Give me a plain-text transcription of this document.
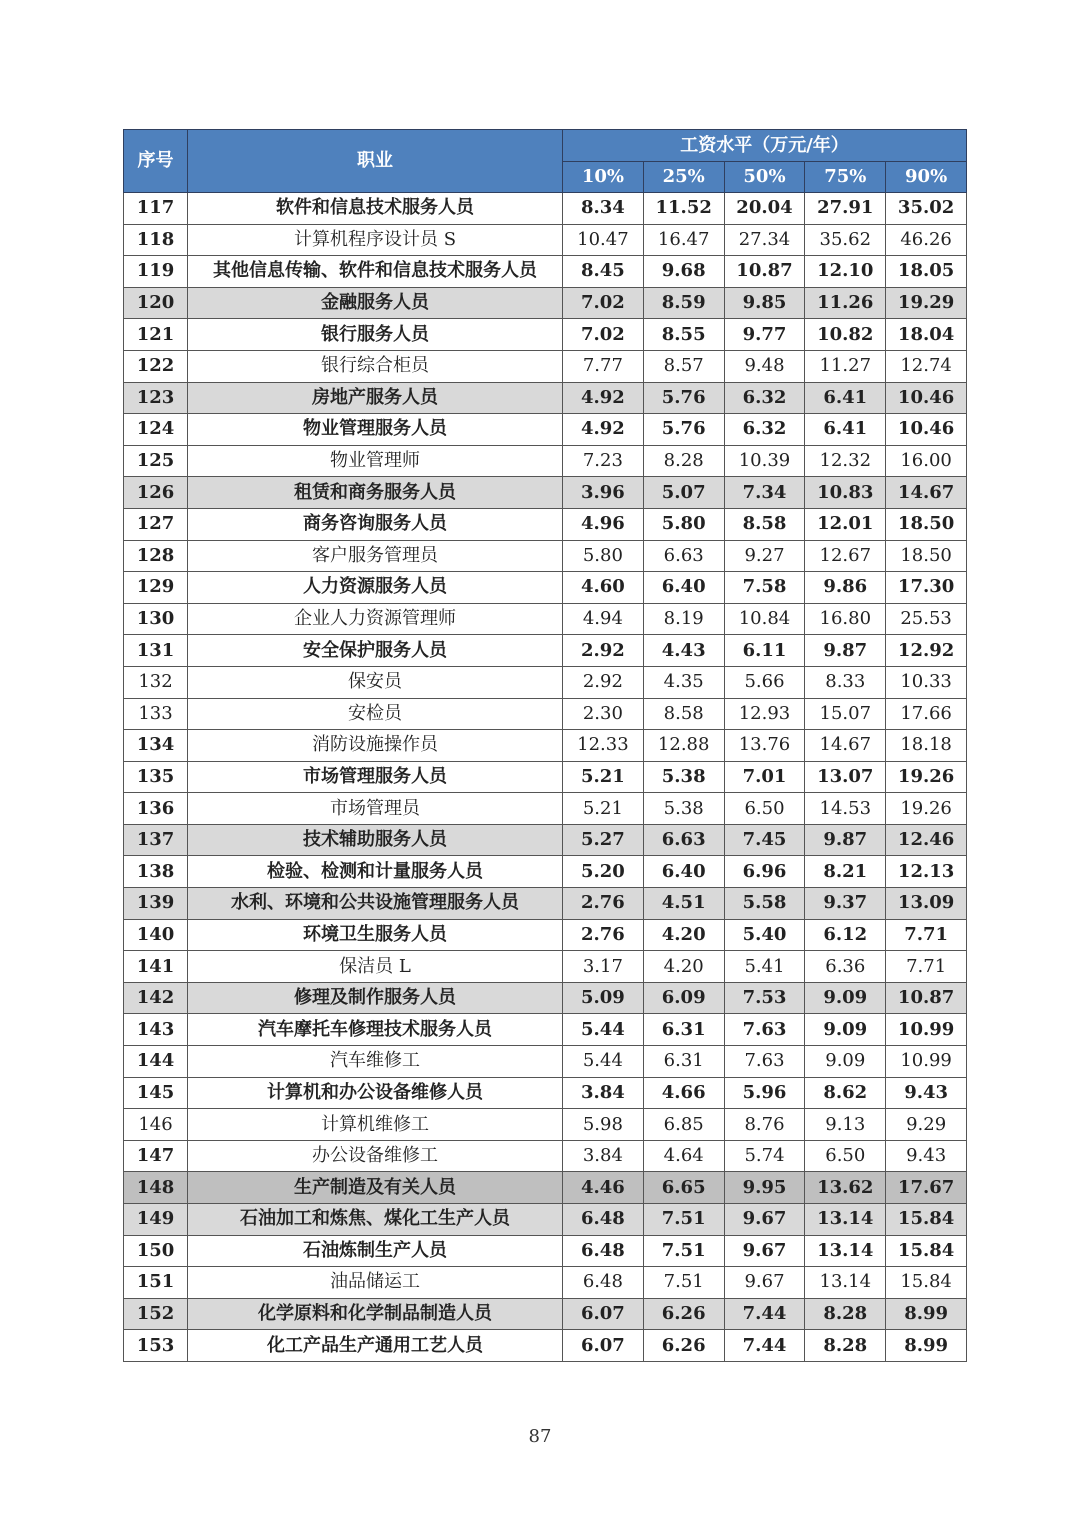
序号	职业	工资水平（万元/年）				
		10%	25%	50%	75%	90%
117	软件和信息技术服务人员	8.34	11.52	20.04	27.91	35.02
118	计算机程序设计员 S	10.47	16.47	27.34	35.62	46.26
119	其他信息传输、软件和信息技术服务人员	8.45	9.68	10.87	12.10	18.05
120	金融服务人员	7.02	8.59	9.85	11.26	19.29
121	银行服务人员	7.02	8.55	9.77	10.82	18.04
122	银行综合柜员	7.77	8.57	9.48	11.27	12.74
123	房地产服务人员	4.92	5.76	6.32	6.41	10.46
124	物业管理服务人员	4.92	5.76	6.32	6.41	10.46
125	物业管理师	7.23	8.28	10.39	12.32	16.00
126	租赁和商务服务人员	3.96	5.07	7.34	10.83	14.67
127	商务咨询服务人员	4.96	5.80	8.58	12.01	18.50
128	客户服务管理员	5.80	6.63	9.27	12.67	18.50
129	人力资源服务人员	4.60	6.40	7.58	9.86	17.30
130	企业人力资源管理师	4.94	8.19	10.84	16.80	25.53
131	安全保护服务人员	2.92	4.43	6.11	9.87	12.92
132	保安员	2.92	4.35	5.66	8.33	10.33
133	安检员	2.30	8.58	12.93	15.07	17.66
134	消防设施操作员	12.33	12.88	13.76	14.67	18.18
135	市场管理服务人员	5.21	5.38	7.01	13.07	19.26
136	市场管理员	5.21	5.38	6.50	14.53	19.26
137	技术辅助服务人员	5.27	6.63	7.45	9.87	12.46
138	检验、检测和计量服务人员	5.20	6.40	6.96	8.21	12.13
139	水利、环境和公共设施管理服务人员	2.76	4.51	5.58	9.37	13.09
140	环境卫生服务人员	2.76	4.20	5.40	6.12	7.71
141	保洁员 L	3.17	4.20	5.41	6.36	7.71
142	修理及制作服务人员	5.09	6.09	7.53	9.09	10.87
143	汽车摩托车修理技术服务人员	5.44	6.31	7.63	9.09	10.99
144	汽车维修工	5.44	6.31	7.63	9.09	10.99
145	计算机和办公设备维修人员	3.84	4.66	5.96	8.62	9.43
146	计算机维修工	5.98	6.85	8.76	9.13	9.29
147	办公设备维修工	3.84	4.64	5.74	6.50	9.43
148	生产制造及有关人员	4.46	6.65	9.95	13.62	17.67
149	石油加工和炼焦、煤化工生产人员	6.48	7.51	9.67	13.14	15.84
150	石油炼制生产人员	6.48	7.51	9.67	13.14	15.84
151	油品储运工	6.48	7.51	9.67	13.14	15.84
152	化学原料和化学制品制造人员	6.07	6.26	7.44	8.28	8.99
153	化工产品生产通用工艺人员	6.07	6.26	7.44	8.28	8.99
87
